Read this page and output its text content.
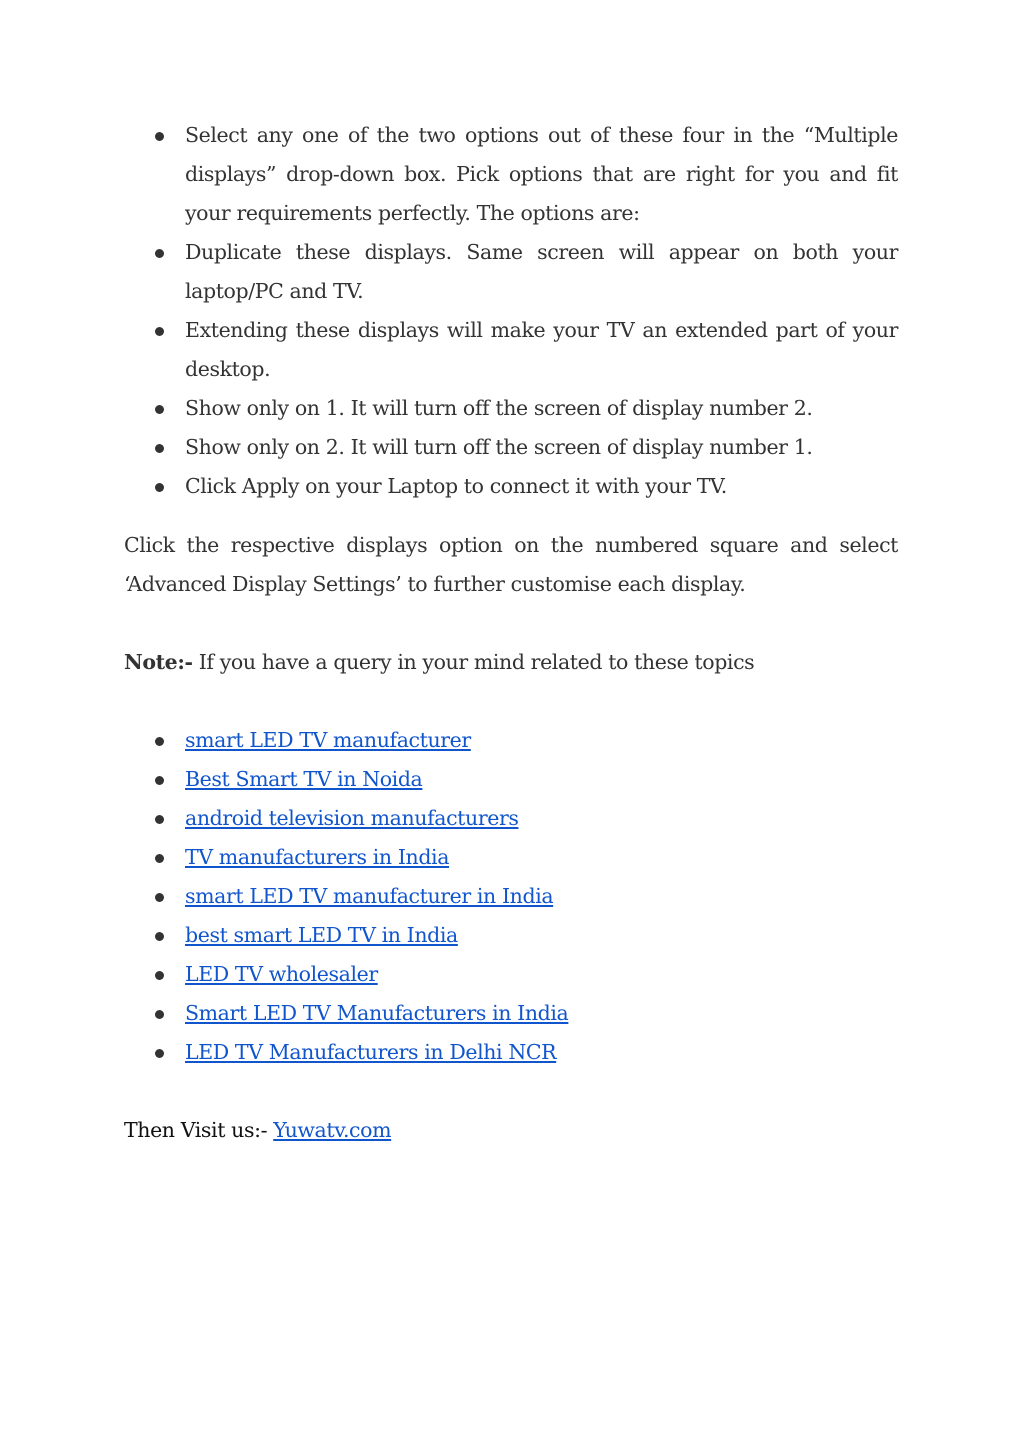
Select any one of the two options out of these four in the “Multiple displays” drop-down box. Pick options that are right for you and fit your requirements perfectly. The options are:
Duplicate these displays. Same screen will appear on both your laptop/PC and TV.
Extending these displays will make your TV an extended part of your desktop.
Show only on 1. It will turn off the screen of display number 2.
Show only on 2. It will turn off the screen of display number 1.
Click Apply on your Laptop to connect it with your TV.

Click the respective displays option on the numbered square and select ‘Advanced Display Settings’ to further customise each display.

Note:- If you have a query in your mind related to these topics

smart LED TV manufacturer
Best Smart TV in Noida
android television manufacturers
TV manufacturers in India
smart LED TV manufacturer in India
best smart LED TV in India
LED TV wholesaler
Smart LED TV Manufacturers in India
LED TV Manufacturers in Delhi NCR

Then Visit us:- Yuwatv.com
